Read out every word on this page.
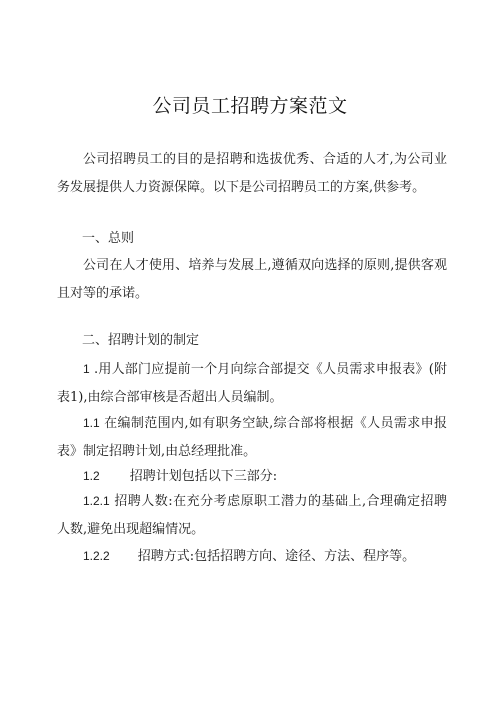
公司员工招聘方案范文
公司招聘员工的目的是招聘和选拔优秀、合适的人才,为公司业务发展提供人力资源保障。以下是公司招聘员工的方案,供参考。
一、总则
公司在人才使用、培养与发展上,遵循双向选择的原则,提供客观且对等的承诺。
二、招聘计划的制定
1 .用人部门应提前一个月向综合部提交《人员需求申报表》(附表1),由综合部审核是否超出人员编制。
1.1 在编制范围内,如有职务空缺,综合部将根据《人员需求申报表》制定招聘计划,由总经理批准。
1.2 招聘计划包括以下三部分:
1.2.1 招聘人数:在充分考虑原职工潜力的基础上,合理确定招聘人数,避免出现超编情况。
1.2.2 招聘方式:包括招聘方向、途径、方法、程序等。
